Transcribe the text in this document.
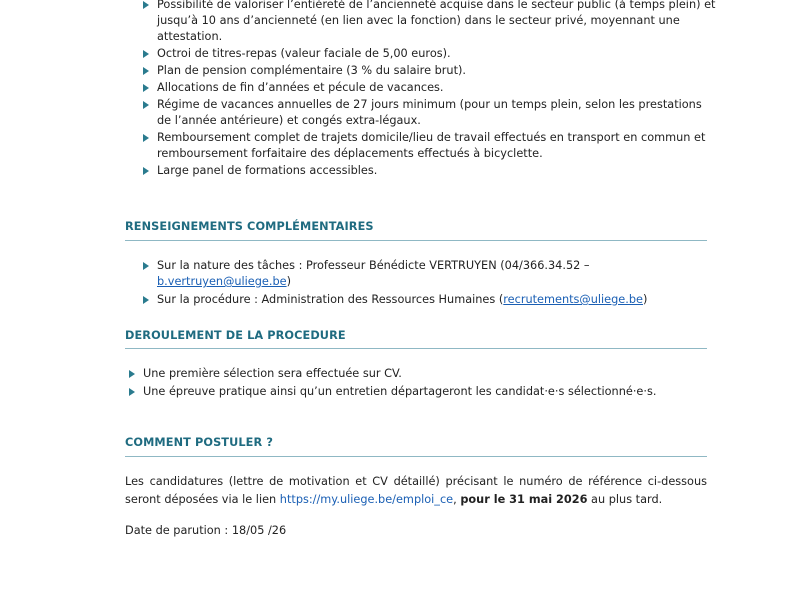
Possibilité de valoriser l’entièreté de l’ancienneté acquise dans le secteur public (à temps plein) et jusqu’à 10 ans d’ancienneté (en lien avec la fonction) dans le secteur privé, moyennant une attestation.
Octroi de titres-repas (valeur faciale de 5,00 euros).
Plan de pension complémentaire (3 % du salaire brut).
Allocations de fin d’années et pécule de vacances.
Régime de vacances annuelles de 27 jours minimum (pour un temps plein, selon les prestations de l’année antérieure) et congés extra-légaux.
Remboursement complet de trajets domicile/lieu de travail effectués en transport en commun et remboursement forfaitaire des déplacements effectués à bicyclette.
Large panel de formations accessibles.
RENSEIGNEMENTS COMPLÉMENTAIRES
Sur la nature des tâches : Professeur Bénédicte VERTRUYEN (04/366.34.52 – b.vertruyen@uliege.be)
Sur la procédure : Administration des Ressources Humaines (recrutements@uliege.be)
DEROULEMENT DE LA PROCEDURE
Une première sélection sera effectuée sur CV.
Une épreuve pratique ainsi qu’un entretien départageront les candidat·e·s sélectionné·e·s.
COMMENT POSTULER ?
Les candidatures (lettre de motivation et CV détaillé) précisant le numéro de référence ci-dessous seront déposées via le lien https://my.uliege.be/emploi_ce, pour le 31 mai 2026 au plus tard.
Date de parution : 18/05 /26
